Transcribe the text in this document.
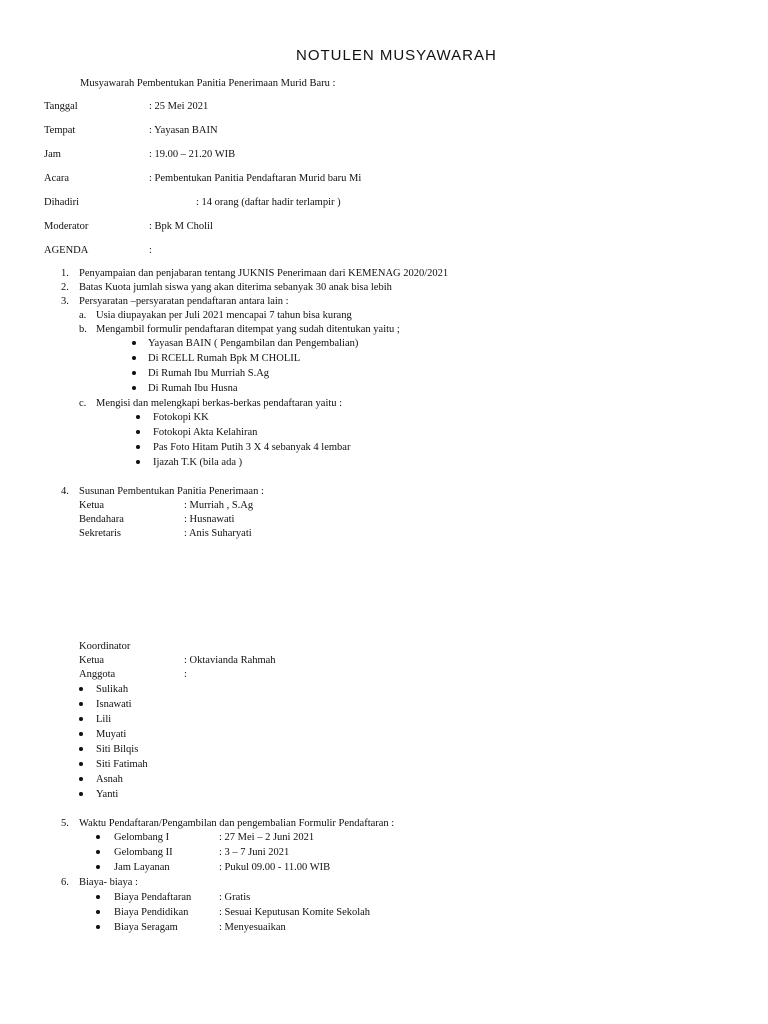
NOTULEN MUSYAWARAH
Musyawarah Pembentukan Panitia Penerimaan Murid Baru :
Tanggal	: 25 Mei 2021
Tempat	: Yayasan BAIN
Jam	: 19.00 – 21.20 WIB
Acara	: Pembentukan Panitia Pendaftaran Murid baru Mi
Dihadiri	: 14 orang (daftar hadir terlampir )
Moderator	: Bpk M Cholil
AGENDA	:
1. Penyampaian dan penjabaran tentang JUKNIS Penerimaan dari KEMENAG 2020/2021
2. Batas Kuota jumlah siswa yang akan diterima sebanyak 30 anak bisa lebih
3. Persyaratan –persyaratan pendaftaran antara lain :
a. Usia diupayakan per Juli 2021 mencapai 7 tahun bisa kurang
b. Mengambil formulir pendaftaran ditempat yang sudah ditentukan yaitu ;
Yayasan BAIN ( Pengambilan dan Pengembalian)
Di RCELL Rumah Bpk M CHOLIL
Di Rumah Ibu Murriah S.Ag
Di Rumah Ibu Husna
c. Mengisi dan melengkapi berkas-berkas pendaftaran yaitu :
Fotokopi KK
Fotokopi Akta Kelahiran
Pas Foto Hitam Putih 3 X 4 sebanyak 4 lembar
Ijazah T.K (bila ada )
4. Susunan Pembentukan Panitia Penerimaan :
Ketua	: Murriah , S.Ag
Bendahara	: Husnawati
Sekretaris	: Anis Suharyati
Koordinator
Ketua	: Oktavianda Rahmah
Anggota	:
Sulikah
Isnawati
Lili
Muyati
Siti Bilqis
Siti Fatimah
Asnah
Yanti
5. Waktu Pendaftaran/Pengambilan dan pengembalian Formulir Pendaftaran :
Gelombang I	: 27 Mei – 2 Juni 2021
Gelombang II	: 3 – 7 Juni 2021
Jam Layanan	: Pukul 09.00 - 11.00 WIB
6. Biaya- biaya :
Biaya Pendaftaran	: Gratis
Biaya Pendidikan	: Sesuai Keputusan Komite Sekolah
Biaya Seragam	: Menyesuaikan
